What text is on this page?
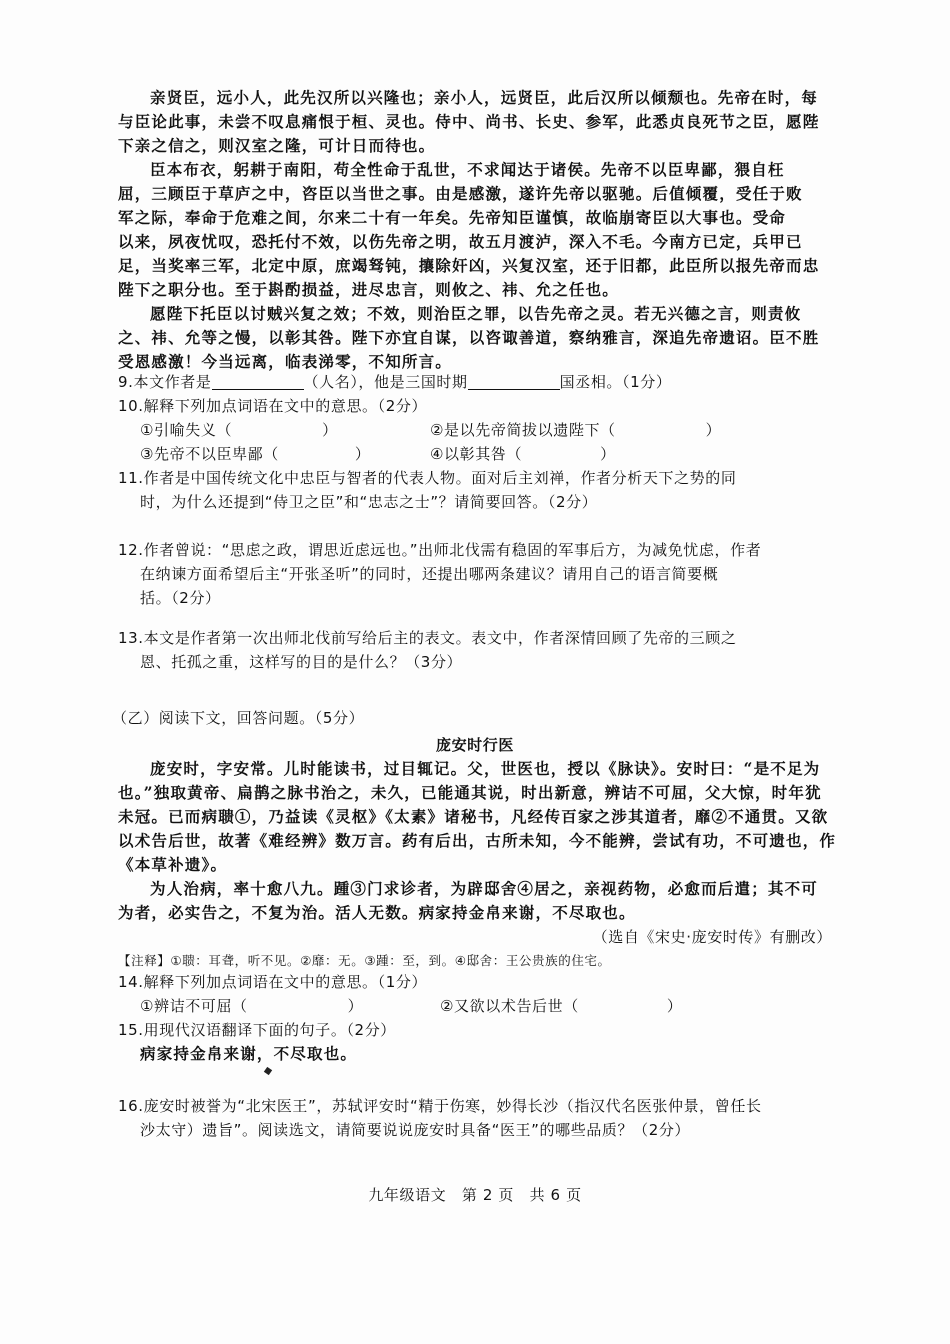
亲贤臣，远小人，此先汉所以兴隆也；亲小人，远贤臣，此后汉所以倾颓也。先帝在时，每
与臣论此事，未尝不叹息痛恨于桓、灵也。侍中、尚书、长史、参军，此悉贞良死节之臣，愿陛
下亲之信之，则汉室之隆，可计日而待也。
臣本布衣，躬耕于南阳，苟全性命于乱世，不求闻达于诸侯。先帝不以臣卑鄙，猥自枉
屈，三顾臣于草庐之中，咨臣以当世之事。由是感激，遂许先帝以驱驰。后值倾覆，受任于败
军之际，奉命于危难之间，尔来二十有一年矣。先帝知臣谨慎，故临崩寄臣以大事也。受命
以来，夙夜忧叹，恐托付不效，以伤先帝之明，故五月渡泸，深入不毛。今南方已定，兵甲已
足，当奖率三军，北定中原，庶竭驽钝，攘除奸凶，兴复汉室，还于旧都，此臣所以报先帝而忠
陛下之职分也。至于斟酌损益，进尽忠言，则攸之、祎、允之任也。
愿陛下托臣以讨贼兴复之效；不效，则治臣之罪，以告先帝之灵。若无兴德之言，则责攸
之、祎、允等之慢，以彰其咎。陛下亦宜自谋，以咨诹善道，察纳雅言，深追先帝遗诏。臣不胜
受恩感激！今当远离，临表涕零，不知所言。
9.本文作者是	（人名），他是三国时期	国丞相。（1分）
10.解释下列加点词语在文中的意思。（2分）
①引喻失义（	）	②是以先帝简拔以遗陛下（	）
③先帝不以臣卑鄙（	）	④以彰其咎（	）
11.作者是中国传统文化中忠臣与智者的代表人物。面对后主刘禅，作者分析天下之势的同
时，为什么还提到“侍卫之臣”和“忠志之士”？请简要回答。（2分）
12.作者曾说：“思虑之政，谓思近虑远也。”出师北伐需有稳固的军事后方，为减免忧虑，作者
在纳谏方面希望后主“开张圣听”的同时，还提出哪两条建议？请用自己的语言简要概
括。（2分）
13.本文是作者第一次出师北伐前写给后主的表文。表文中，作者深情回顾了先帝的三顾之
恩、托孤之重，这样写的目的是什么？（3分）
（乙）阅读下文，回答问题。（5分）
庞安时行医
庞安时，字安常。儿时能读书，过目辄记。父，世医也，授以《脉诀》。安时曰：“是不足为
也。”独取黄帝、扁鹊之脉书治之，未久，已能通其说，时出新意，辨诘不可屈，父大惊，时年犹
未冠。已而病聩①，乃益读《灵枢》《太素》诸秘书，凡经传百家之涉其道者，靡②不通贯。又欲
以术告后世，故著《难经辨》数万言。药有后出，古所未知，今不能辨，尝试有功，不可遗也，作
《本草补遗》。
为人治病，率十愈八九。踵③门求诊者，为辟邸舍④居之，亲视药物，必愈而后遣；其不可
为者，必实告之，不复为治。活人无数。病家持金帛来谢，不尽取也。
（选自《宋史·庞安时传》有删改）
【注释】①聩：耳聋，听不见。②靡：无。③踵：至，到。④邸舍：王公贵族的住宅。
14.解释下列加点词语在文中的意思。（1分）
①辨诘不可屈（	）	②又欲以术告后世（	）
15.用现代汉语翻译下面的句子。（2分）
病家持金帛来谢，不尽取也。
16.庞安时被誉为“北宋医王”，苏轼评安时“精于伤寒，妙得长沙（指汉代名医张仲景，曾任长
沙太守）遗旨”。阅读选文，请简要说说庞安时具备“医王”的哪些品质？（2分）
九年级语文　第 2 页　共 6 页
